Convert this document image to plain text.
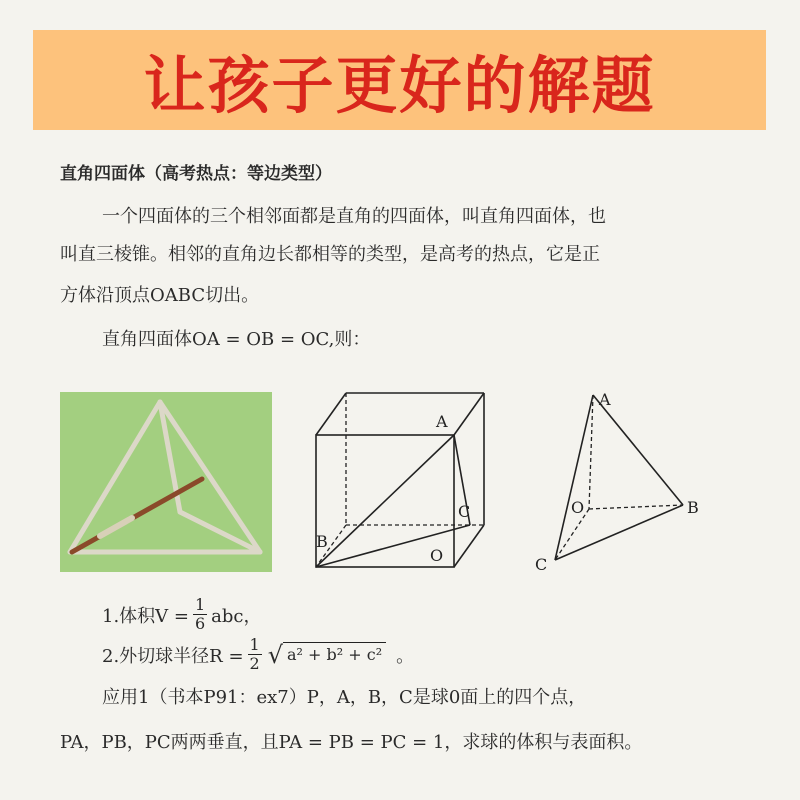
让孩子更好的解题
直角四面体（高考热点：等边类型）
一个四面体的三个相邻面都是直角的四面体，叫直角四面体，也
叫直三棱锥。相邻的直角边长都相等的类型，是高考的热点，它是正
方体沿顶点OABC切出。
直角四面体OA = OB = OC,则：
A
C
B
O
A
B
O
C
1.体积$V = \frac{1}{6}$ abc，
2.外切球半径$R = \frac{1}{2}$ √ a² + b² + c² 。
应用1（书本P91：ex7）P，A，B，C是球0面上的四个点，
PA，PB，PC两两垂直，且PA = PB = PC = 1，求球的体积与表面积。
